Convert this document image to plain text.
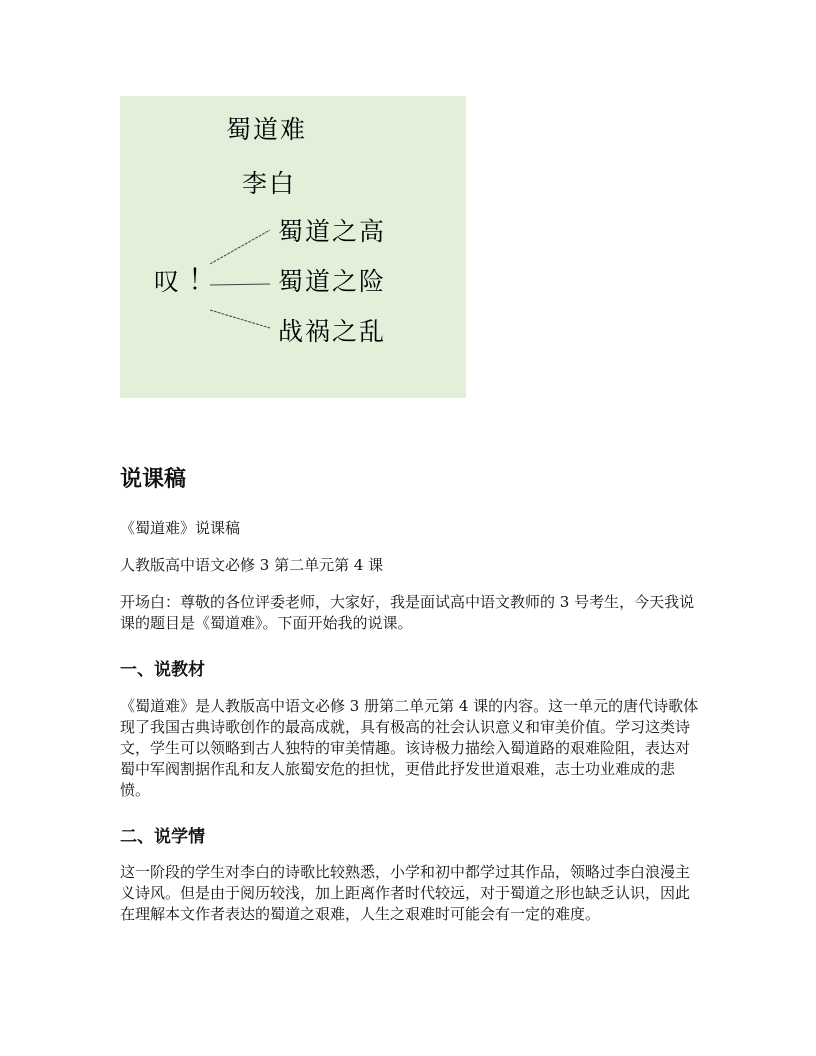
蜀道难
李白
叹 ！
蜀道之高
蜀道之险
战祸之乱
说课稿

《蜀道难》说课稿

人教版高中语文必修 3 第二单元第 4 课

开场白：尊敬的各位评委老师，大家好，我是面试高中语文教师的 3 号考生，今天我说课的题目是《蜀道难》。下面开始我的说课。

一、说教材

《蜀道难》是人教版高中语文必修 3 册第二单元第 4 课的内容。这一单元的唐代诗歌体现了我国古典诗歌创作的最高成就，具有极高的社会认识意义和审美价值。学习这类诗文，学生可以领略到古人独特的审美情趣。该诗极力描绘入蜀道路的艰难险阻，表达对蜀中军阀割据作乱和友人旅蜀安危的担忧，更借此抒发世道艰难，志士功业难成的悲愤。

二、说学情

这一阶段的学生对李白的诗歌比较熟悉，小学和初中都学过其作品，领略过李白浪漫主义诗风。但是由于阅历较浅，加上距离作者时代较远，对于蜀道之形也缺乏认识，因此在理解本文作者表达的蜀道之艰难，人生之艰难时可能会有一定的难度。
